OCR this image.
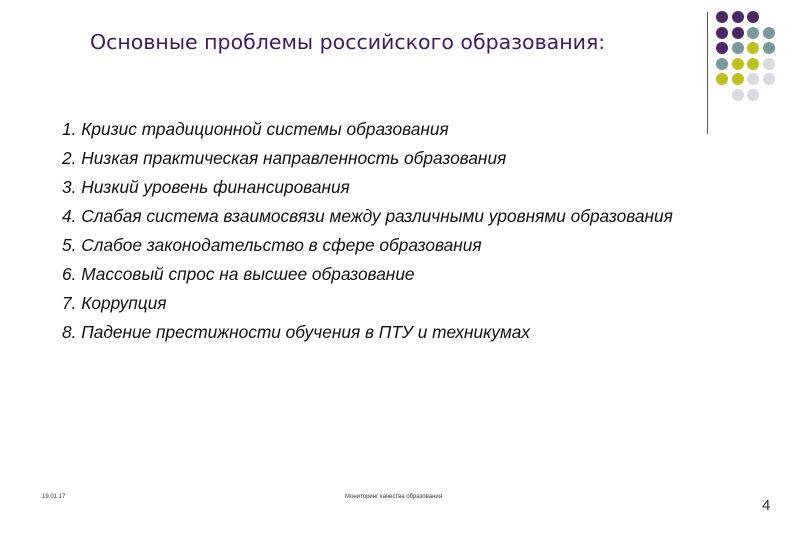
Основные проблемы российского образования:
1. Кризис традиционной системы образования
2. Низкая практическая направленность образования
3. Низкий уровень финансирования
4. Слабая система взаимосвязи между различными уровнями образования
5. Слабое законодательство в сфере образования
6. Массовый спрос на высшее образование
7. Коррупция
8. Падение престижности обучения в ПТУ и техникумах
19.01.17	Мониторинг качества образования	4
